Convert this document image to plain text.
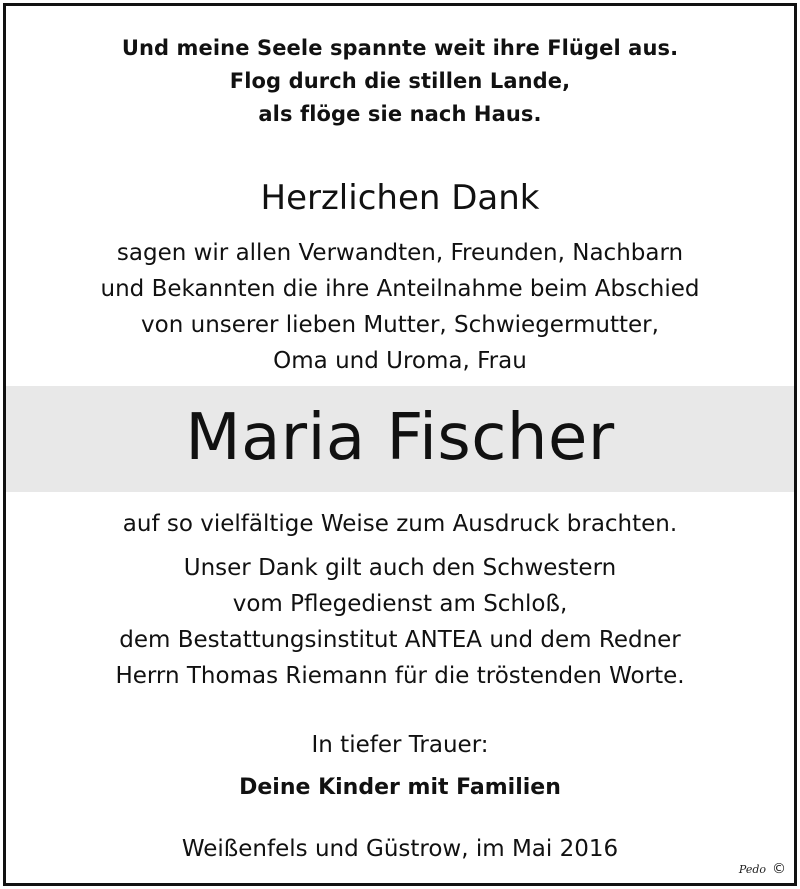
Und meine Seele spannte weit ihre Flügel aus.
Flog durch die stillen Lande,
als flöge sie nach Haus.
Herzlichen Dank
sagen wir allen Verwandten, Freunden, Nachbarn
und Bekannten die ihre Anteilnahme beim Abschied
von unserer lieben Mutter, Schwiegermutter,
Oma und Uroma, Frau
Maria Fischer
auf so vielfältige Weise zum Ausdruck brachten.
Unser Dank gilt auch den Schwestern
vom Pflegedienst am Schloß,
dem Bestattungsinstitut ANTEA und dem Redner
Herrn Thomas Riemann für die tröstenden Worte.
In tiefer Trauer:
Deine Kinder mit Familien
Weißenfels und Güstrow, im Mai 2016
Pedo ©
